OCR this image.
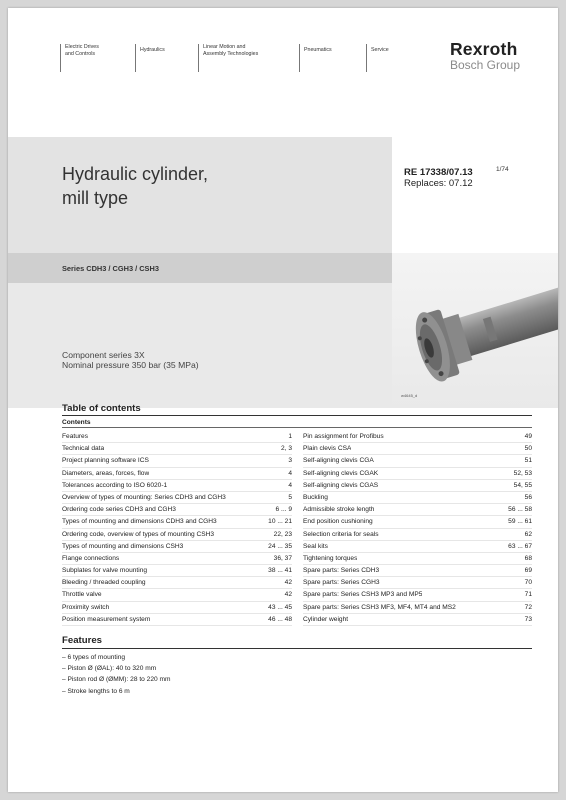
Electric Drives
and Controls
Hydraulics	Linear Motion and
Assembly Technologies
Pneumatics	Service	Rexroth
Bosch Group
Hydraulic cylinder,
mill type
RE 17338/07.13
Replaces: 07.12
1/74
Series CDH3 / CGH3 / CSH3
Component series 3X
Nominal pressure 350 bar (35 MPa)
w4645_d
Table of contents
Contents
Features	1
Technical data	2, 3
Project planning software ICS	3
Diameters, areas, forces, flow	4
Tolerances according to ISO 6020-1	4
Overview of types of mounting: Series CDH3 and CGH3	5
Ordering code series CDH3 and CGH3	6 ... 9
Types of mounting and dimensions CDH3 and CGH3	10 ... 21
Ordering code, overview of types of mounting CSH3	22, 23
Types of mounting and dimensions CSH3	24 ... 35
Flange connections	36, 37
Subplates for valve mounting	38 ... 41
Bleeding / threaded coupling	42
Throttle valve	42
Proximity switch	43 ... 45
Position measurement system	46 ... 48
Pin assignment for Profibus	49
Plain clevis CSA	50
Self-aligning clevis CGA	51
Self-aligning clevis CGAK	52, 53
Self-aligning clevis CGAS	54, 55
Buckling	56
Admissible stroke length	56 ... 58
End position cushioning	59 ... 61
Selection criteria for seals	62
Seal kits	63 ... 67
Tightening torques	68
Spare parts: Series CDH3	69
Spare parts: Series CGH3	70
Spare parts: Series CSH3 MP3 and MP5	71
Spare parts: Series CSH3 MF3, MF4, MT4 and MS2	72
Cylinder weight	73
Features
– 6 types of mounting
– Piston Ø (ØAL): 40 to 320 mm
– Piston rod Ø (ØMM): 28 to 220 mm
– Stroke lengths to 6 m
